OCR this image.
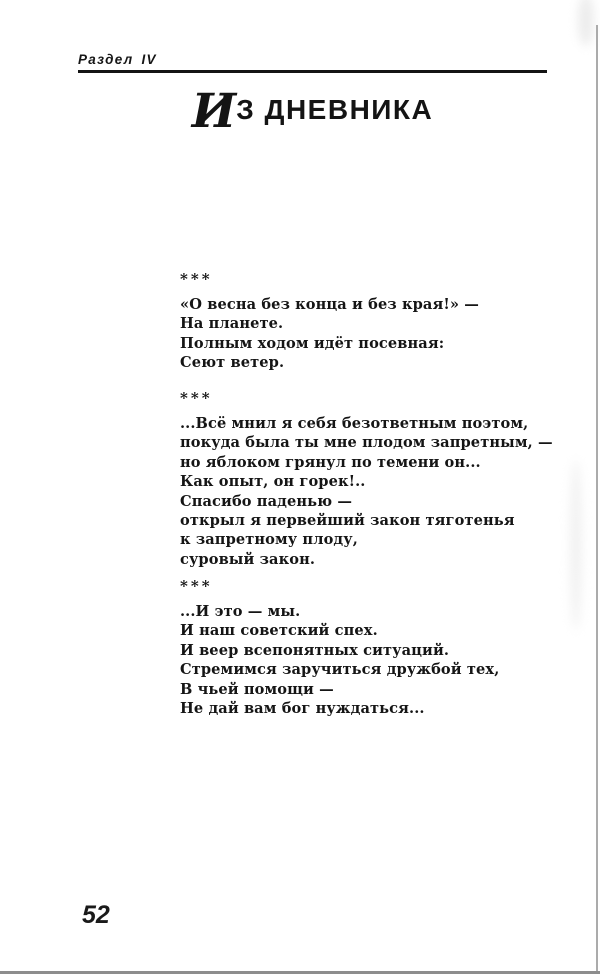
Раздел IV
ИЗ ДНЕВНИКА
***
«О весна без конца и без края!» —
На планете.
Полным ходом идёт посевная:
Сеют ветер.
***
...Всё мнил я себя безответным поэтом,
покуда была ты мне плодом запретным, —
но яблоком грянул по темени он...
Как опыт, он горек!..
Спасибо паденью —
открыл я первейший закон тяготенья
к запретному плоду,
суровый закон.
***
...И это — мы.
И наш советский спех.
И веер всепонятных ситуаций.
Стремимся заручиться дружбой тех,
В чьей помощи —
Не дай вам бог нуждаться...
52
